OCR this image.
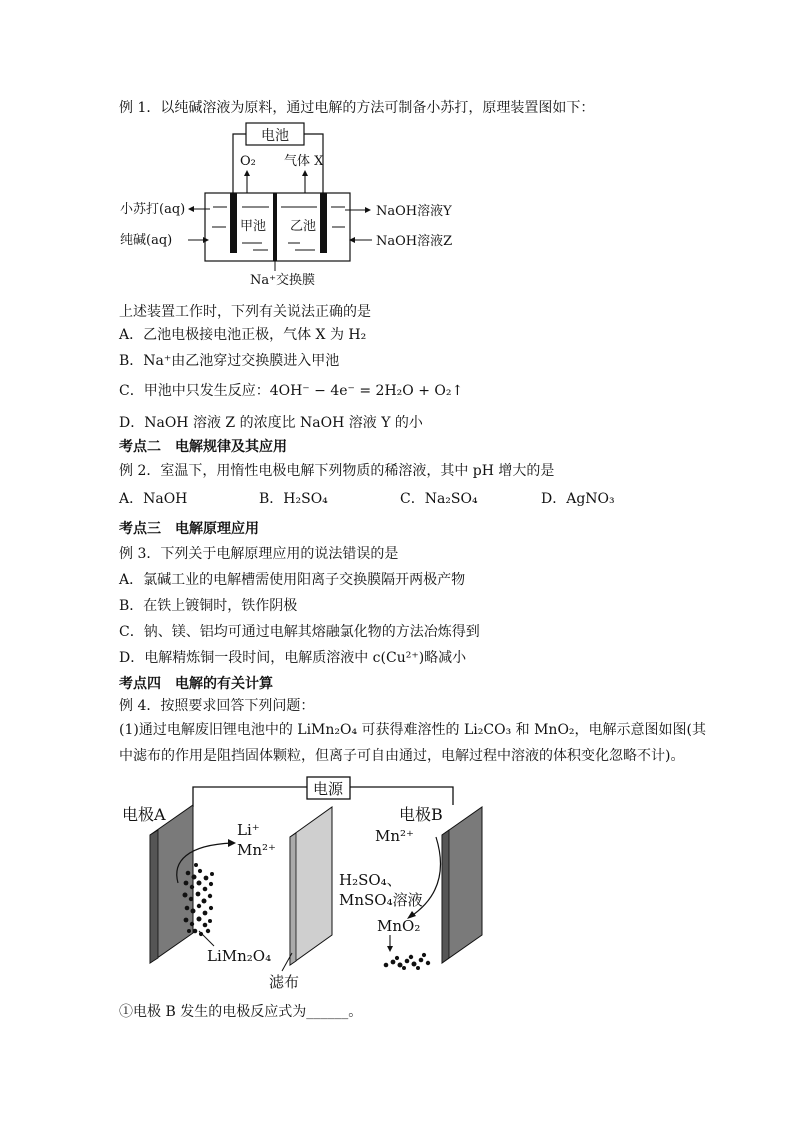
例 1．以纯碱溶液为原料，通过电解的方法可制备小苏打，原理装置图如下：
电池
O₂ 气体 X
甲池 乙池
小苏打(aq)
纯碱(aq)
NaOH溶液Y
NaOH溶液Z
Na⁺交换膜
上述装置工作时，下列有关说法正确的是
A．乙池电极接电池正极，气体 X 为 H₂
B．Na⁺由乙池穿过交换膜进入甲池
C．甲池中只发生反应：4OH⁻ − 4e⁻ = 2H₂O + O₂↑
D．NaOH 溶液 Z 的浓度比 NaOH 溶液 Y 的小
考点二　电解规律及其应用
例 2．室温下，用惰性电极电解下列物质的稀溶液，其中 pH 增大的是
A．NaOH	B．H₂SO₄	C．Na₂SO₄	D．AgNO₃
考点三　电解原理应用
例 3．下列关于电解原理应用的说法错误的是
A．氯碱工业的电解槽需使用阳离子交换膜隔开两极产物
B．在铁上镀铜时，铁作阴极
C．钠、镁、铝均可通过电解其熔融氯化物的方法冶炼得到
D．电解精炼铜一段时间，电解质溶液中 c(Cu²⁺)略减小
考点四　电解的有关计算
例 4．按照要求回答下列问题：
(1)通过电解废旧锂电池中的 LiMn₂O₄ 可获得难溶性的 Li₂CO₃ 和 MnO₂，电解示意图如图(其
中滤布的作用是阻挡固体颗粒，但离子可自由通过，电解过程中溶液的体积变化忽略不计)。
电源
电极A	电极B
Li⁺
Mn²⁺
Mn²⁺
H₂SO₄、
MnSO₄溶液
MnO₂
LiMn₂O₄
滤布
①电极 B 发生的电极反应式为______。
